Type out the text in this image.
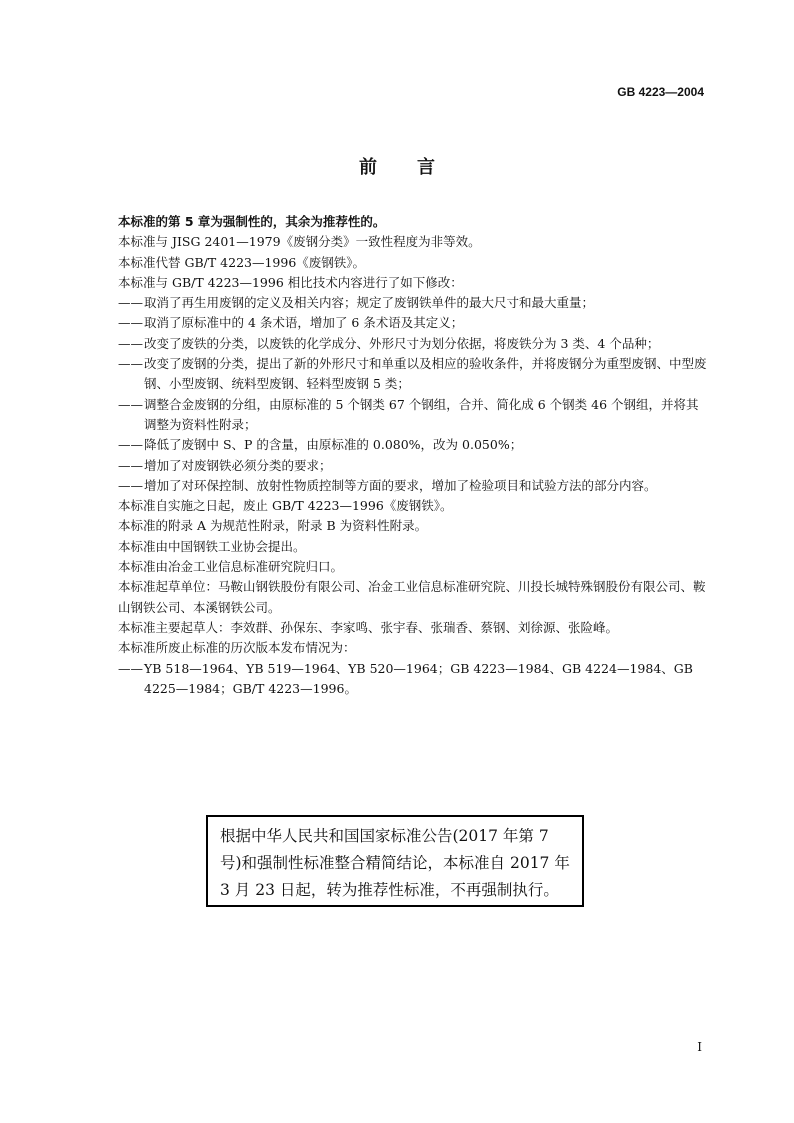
GB 4223—2004
前言

本标准的第 5 章为强制性的，其余为推荐性的。

本标准与 JISG 2401—1979《废钢分类》一致性程度为非等效。

本标准代替 GB/T 4223—1996《废钢铁》。

本标准与 GB/T 4223—1996 相比技术内容进行了如下修改：

—— 取消了再生用废钢的定义及相关内容；规定了废钢铁单件的最大尺寸和最大重量；
—— 取消了原标准中的 4 条术语，增加了 6 条术语及其定义；
—— 改变了废铁的分类，以废铁的化学成分、外形尺寸为划分依据，将废铁分为 3 类、4 个品种；
—— 改变了废钢的分类，提出了新的外形尺寸和单重以及相应的验收条件，并将废钢分为重型废钢、中型废钢、小型废钢、统料型废钢、轻料型废钢 5 类；
—— 调整合金废钢的分组，由原标准的 5 个钢类 67 个钢组，合并、简化成 6 个钢类 46 个钢组，并将其调整为资料性附录；
—— 降低了废钢中 S、P 的含量，由原标准的 0.080%，改为 0.050%；
—— 增加了对废钢铁必须分类的要求；
—— 增加了对环保控制、放射性物质控制等方面的要求，增加了检验项目和试验方法的部分内容。

本标准自实施之日起，废止 GB/T 4223—1996《废钢铁》。

本标准的附录 A 为规范性附录，附录 B 为资料性附录。

本标准由中国钢铁工业协会提出。

本标准由冶金工业信息标准研究院归口。

本标准起草单位：马鞍山钢铁股份有限公司、冶金工业信息标准研究院、川投长城特殊钢股份有限公司、鞍山钢铁公司、本溪钢铁公司。

本标准主要起草人：李效群、孙保东、李家鸣、张宇春、张瑞香、蔡钢、刘徐源、张险峰。

本标准所废止标准的历次版本发布情况为：

—— YB 518—1964、YB 519—1964、YB 520—1964；GB 4223—1984、GB 4224—1984、GB 4225—1984；GB/T 4223—1996。
根据中华人民共和国国家标准公告(2017 年第 7 号)和强制性标准整合精简结论，本标准自 2017 年 3 月 23 日起，转为推荐性标准，不再强制执行。
I
